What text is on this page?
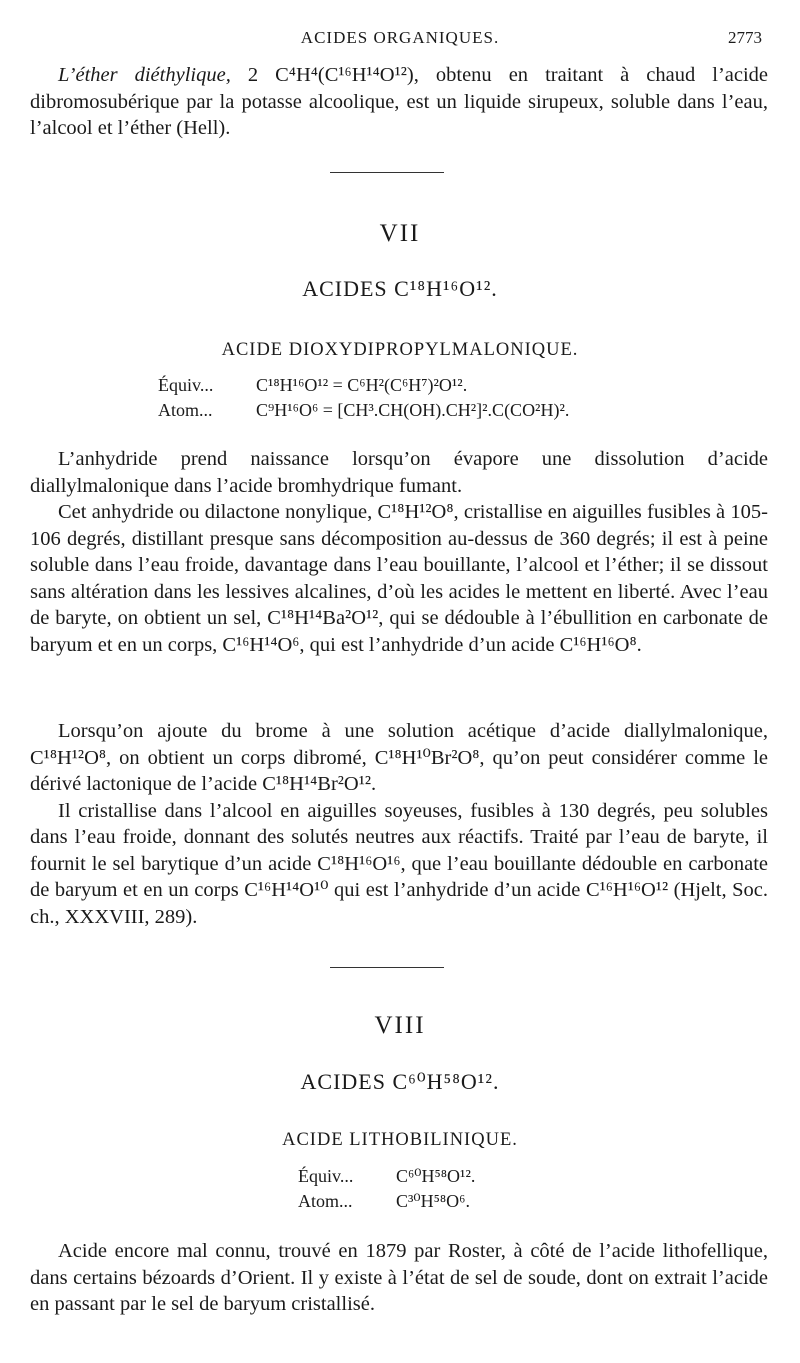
ACIDES ORGANIQUES.	2773

L’éther diéthylique, 2 C⁴H⁴(C¹⁶H¹⁴O¹²), obtenu en traitant à chaud l’acide dibromosubérique par la potasse alcoolique, est un liquide sirupeux, soluble dans l’eau, l’alcool et l’éther (Hell).

VII
ACIDES C¹⁸H¹⁶O¹².
ACIDE DIOXYDIPROPYLMALONIQUE.
Équiv... C¹⁸H¹⁶O¹² = C⁶H²(C⁶H⁷)²O¹².
Atom... C⁹H¹⁶O⁶ = [CH³.CH(OH).CH²]².C(CO²H)².

L’anhydride prend naissance lorsqu’on évapore une dissolution d’acide diallylmalonique dans l’acide bromhydrique fumant.

Cet anhydride ou dilactone nonylique, C¹⁸H¹²O⁸, cristallise en aiguilles fusibles à 105-106 degrés, distillant presque sans décomposition au-dessus de 360 degrés; il est à peine soluble dans l’eau froide, davantage dans l’eau bouillante, l’alcool et l’éther; il se dissout sans altération dans les lessives alcalines, d’où les acides le mettent en liberté. Avec l’eau de baryte, on obtient un sel, C¹⁸H¹⁴Ba²O¹², qui se dédouble à l’ébullition en carbonate de baryum et en un corps, C¹⁶H¹⁴O⁶, qui est l’anhydride d’un acide C¹⁶H¹⁶O⁸.

Lorsqu’on ajoute du brome à une solution acétique d’acide diallylmalonique, C¹⁸H¹²O⁸, on obtient un corps dibromé, C¹⁸H¹⁰Br²O⁸, qu’on peut considérer comme le dérivé lactonique de l’acide C¹⁸H¹⁴Br²O¹².

Il cristallise dans l’alcool en aiguilles soyeuses, fusibles à 130 degrés, peu solubles dans l’eau froide, donnant des solutés neutres aux réactifs. Traité par l’eau de baryte, il fournit le sel barytique d’un acide C¹⁸H¹⁶O¹⁶, que l’eau bouillante dédouble en carbonate de baryum et en un corps C¹⁶H¹⁴O¹⁰ qui est l’anhydride d’un acide C¹⁶H¹⁶O¹² (Hjelt, Soc. ch., XXXVIII, 289).

VIII
ACIDES C⁶⁰H⁵⁸O¹².
ACIDE LITHOBILINIQUE.
Équiv... C⁶⁰H⁵⁸O¹².
Atom... C³⁰H⁵⁸O⁶.

Acide encore mal connu, trouvé en 1879 par Roster, à côté de l’acide lithofellique, dans certains bézoards d’Orient. Il y existe à l’état de sel de soude, dont on extrait l’acide en passant par le sel de baryum cristallisé.
